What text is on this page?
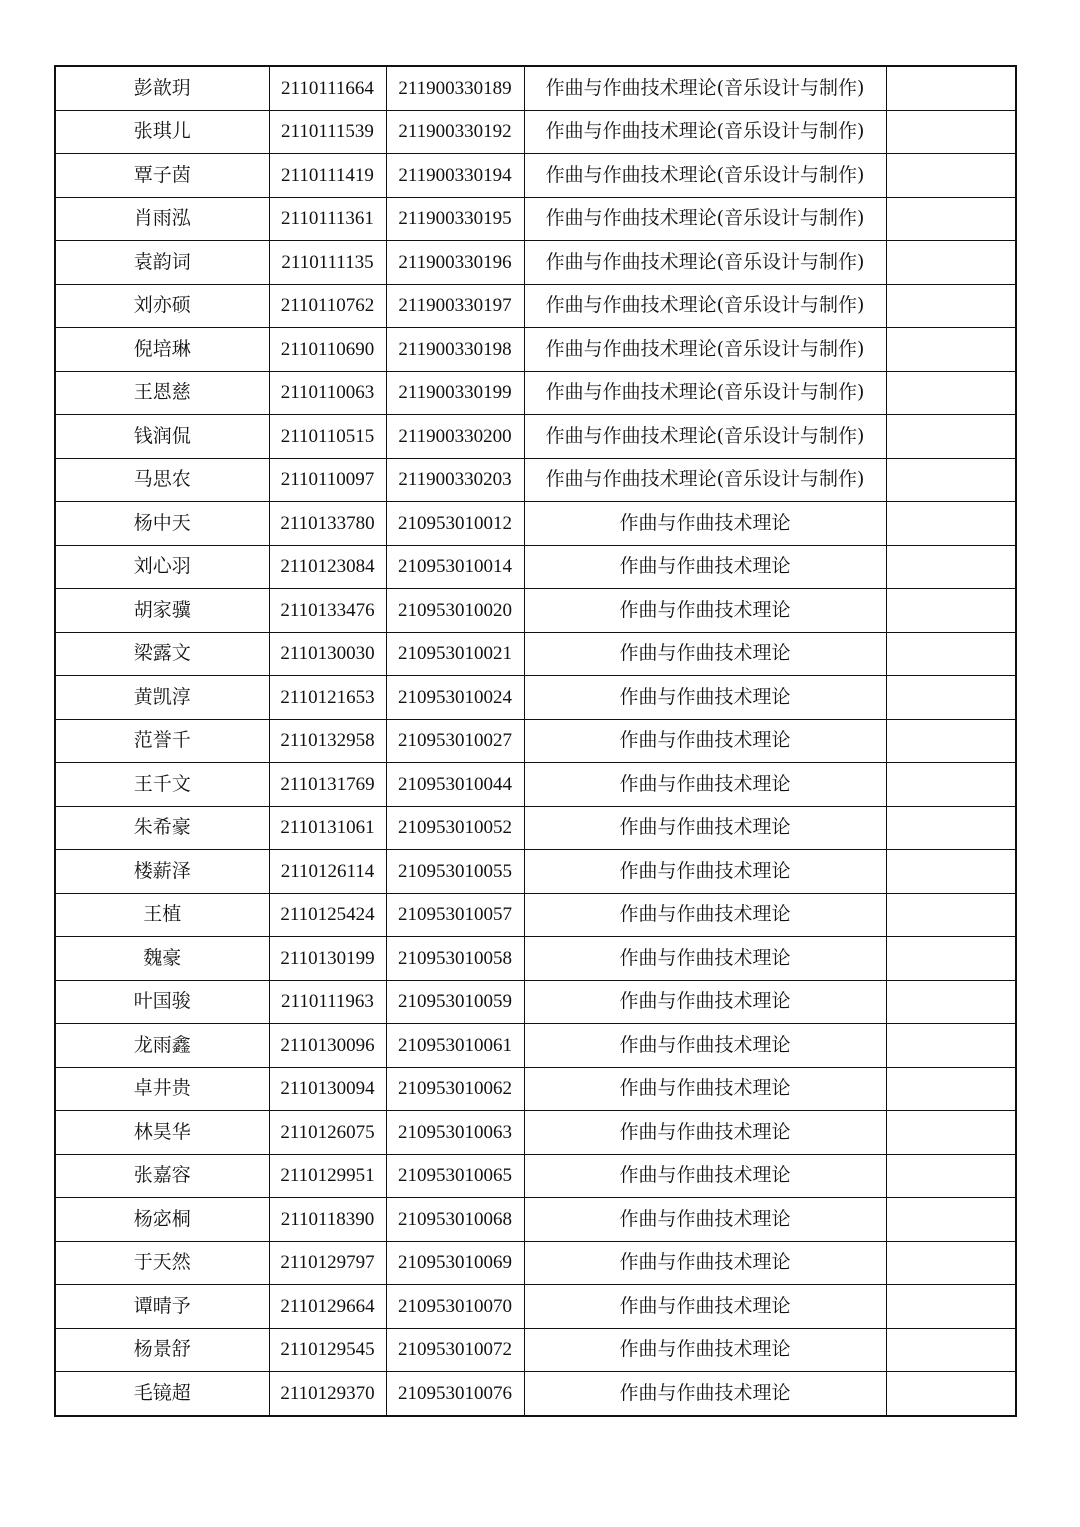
彭歆玥	2110111664	211900330189	作曲与作曲技术理论(音乐设计与制作)	
张琪儿	2110111539	211900330192	作曲与作曲技术理论(音乐设计与制作)	
覃子茵	2110111419	211900330194	作曲与作曲技术理论(音乐设计与制作)	
肖雨泓	2110111361	211900330195	作曲与作曲技术理论(音乐设计与制作)	
袁韵词	2110111135	211900330196	作曲与作曲技术理论(音乐设计与制作)	
刘亦硕	2110110762	211900330197	作曲与作曲技术理论(音乐设计与制作)	
倪培琳	2110110690	211900330198	作曲与作曲技术理论(音乐设计与制作)	
王恩慈	2110110063	211900330199	作曲与作曲技术理论(音乐设计与制作)	
钱润侃	2110110515	211900330200	作曲与作曲技术理论(音乐设计与制作)	
马思农	2110110097	211900330203	作曲与作曲技术理论(音乐设计与制作)	
杨中天	2110133780	210953010012	作曲与作曲技术理论	
刘心羽	2110123084	210953010014	作曲与作曲技术理论	
胡家骥	2110133476	210953010020	作曲与作曲技术理论	
梁露文	2110130030	210953010021	作曲与作曲技术理论	
黄凯淳	2110121653	210953010024	作曲与作曲技术理论	
范誉千	2110132958	210953010027	作曲与作曲技术理论	
王千文	2110131769	210953010044	作曲与作曲技术理论	
朱希豪	2110131061	210953010052	作曲与作曲技术理论	
楼薪泽	2110126114	210953010055	作曲与作曲技术理论	
王植	2110125424	210953010057	作曲与作曲技术理论	
魏豪	2110130199	210953010058	作曲与作曲技术理论	
叶国骏	2110111963	210953010059	作曲与作曲技术理论	
龙雨鑫	2110130096	210953010061	作曲与作曲技术理论	
卓井贵	2110130094	210953010062	作曲与作曲技术理论	
林昊华	2110126075	210953010063	作曲与作曲技术理论	
张嘉容	2110129951	210953010065	作曲与作曲技术理论	
杨宓桐	2110118390	210953010068	作曲与作曲技术理论	
于天然	2110129797	210953010069	作曲与作曲技术理论	
谭晴予	2110129664	210953010070	作曲与作曲技术理论	
杨景舒	2110129545	210953010072	作曲与作曲技术理论	
毛镜超	2110129370	210953010076	作曲与作曲技术理论	
